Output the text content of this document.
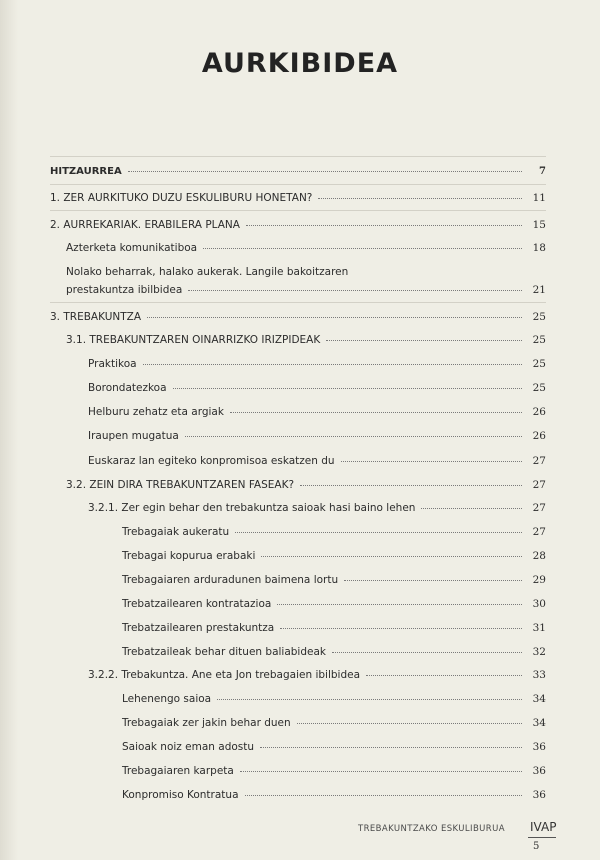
AURKIBIDEA
HITZAURREA	7
1. ZER AURKITUKO DUZU ESKULIBURU HONETAN?	11
2. AURREKARIAK. ERABILERA PLANA	15
Azterketa komunikatiboa	18
Nolako beharrak, halako aukerak. Langile bakoitzaren
prestakuntza ibilbidea	21
3. TREBAKUNTZA	25
3.1. TREBAKUNTZAREN OINARRIZKO IRIZPIDEAK	25
Praktikoa	25
Borondatezkoa	25
Helburu zehatz eta argiak	26
Iraupen mugatua	26
Euskaraz lan egiteko konpromisoa eskatzen du	27
3.2. ZEIN DIRA TREBAKUNTZAREN FASEAK?	27
3.2.1. Zer egin behar den trebakuntza saioak hasi baino lehen	27
Trebagaiak aukeratu	27
Trebagai kopurua erabaki	28
Trebagaiaren arduradunen baimena lortu	29
Trebatzailearen kontratazioa	30
Trebatzailearen prestakuntza	31
Trebatzaileak behar dituen baliabideak	32
3.2.2. Trebakuntza. Ane eta Jon trebagaien ibilbidea	33
Lehenengo saioa	34
Trebagaiak zer jakin behar duen	34
Saioak noiz eman adostu	36
Trebagaiaren karpeta	36
Konpromiso Kontratua	36
TREBAKUNTZAKO ESKULIBURUA IVAP
5
